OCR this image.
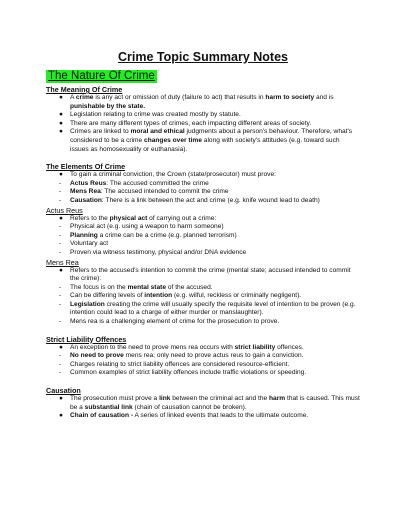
Crime Topic Summary Notes
The Nature Of Crime
The Meaning Of Crime
● A crime is any act or omission of duty (failure to act) that results in harm to society and is punishable by the state.
● Legislation relating to crime was created mostly by statute.
● There are many different types of crimes, each impacting different areas of society.
● Crimes are linked to moral and ethical judgments about a person's behaviour. Therefore, what's considered to be a crime changes over time along with society's attitudes (e.g. toward such issues as homosexuality or euthanasia).
The Elements Of Crime
● To gain a criminal conviction, the Crown (state/prosecutor) must prove:
- Actus Reus: The accused committed the crime
- Mens Rea: The accused intended to commit the crime
- Causation: There is a link between the act and crime (e.g. knife wound lead to death)
Actus Reus
● Refers to the physical act of carrying out a crime:
- Physical act (e.g. using a weapon to harm someone)
- Planning a crime can be a crime (e.g. planned terrorism)
- Voluntary act
- Proven via witness testimony, physical and/or DNA evidence
Mens Rea
● Refers to the accused's intention to commit the crime (mental state; accused intended to commit the crime):
- The focus is on the mental state of the accused.
- Can be differing levels of intention (e.g. wilful, reckless or criminally negligent).
- Legislation creating the crime will usually specify the requisite level of intention to be proven (e.g. intention could lead to a charge of either murder or manslaughter).
- Mens rea is a challenging element of crime for the prosecution to prove.
Strict Liability Offences
● An exception to the need to prove mens rea occurs with strict liability offences.
- No need to prove mens rea; only need to prove actus reus to gain a conviction.
- Charges relating to strict liability offences are considered resource-efficient.
- Common examples of strict liability offences include traffic violations or speeding.
Causation
● The prosecution must prove a link between the criminal act and the harm that is caused. This must be a substantial link (chain of causation cannot be broken).
● Chain of causation - A series of linked events that leads to the ultimate outcome.
